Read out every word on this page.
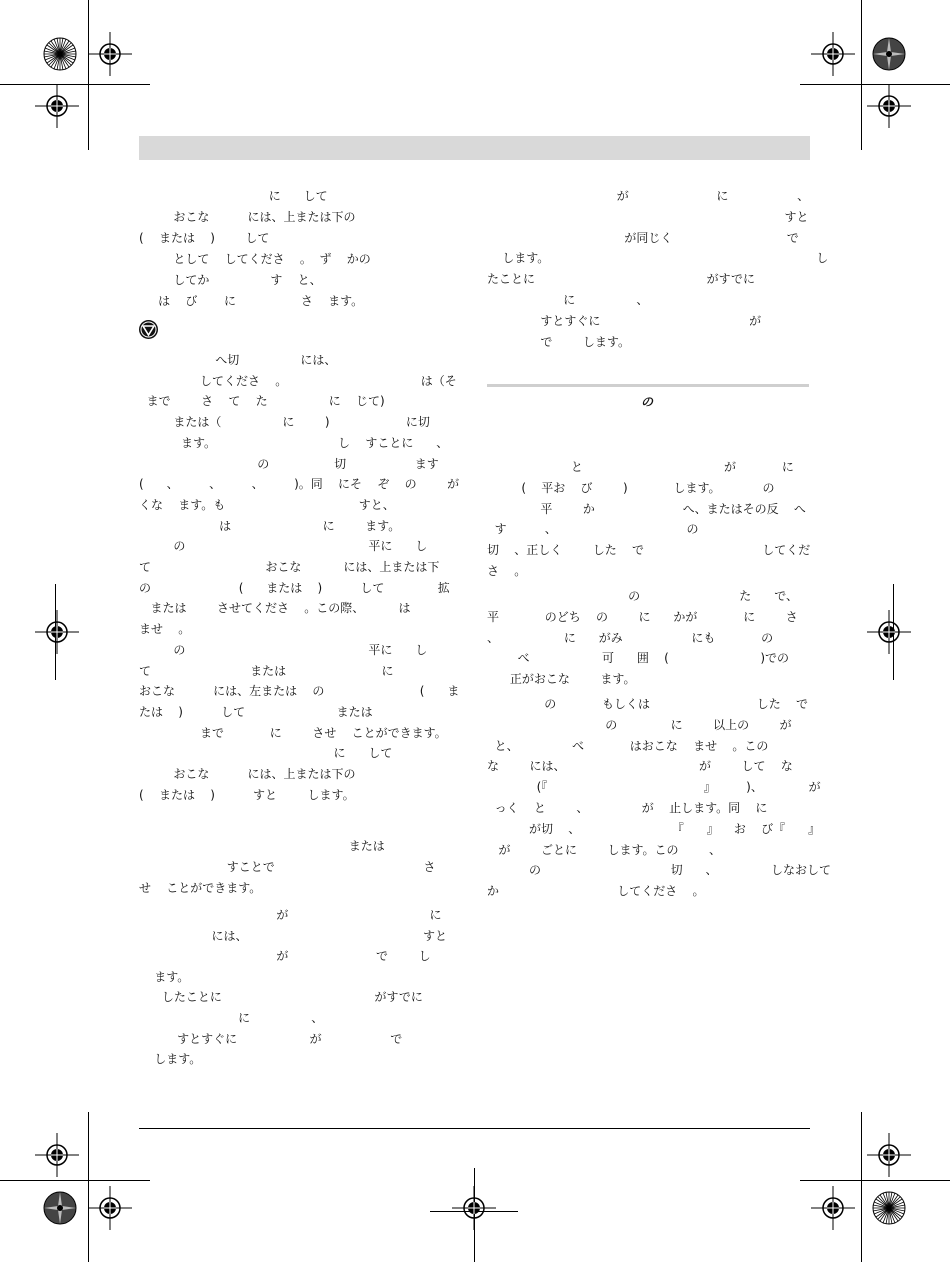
に      して
おこな          には、上または下の
(    または    )        して
として    してくださ    。  ず    かの
してか                す    と、
は    び       に                 さ    ます。
へ切                には、
してくださ    。                                   は（そ
まで        さ    て    た                に    じて)
または（                に        )                    に切
ます。                                し    すことに      、
の                 切                  ます
(      、        、        、        )。同    にそ    ぞ    の        が
くな    ます。も                                   すと、
は                        に        ます。
の                                                平に      し
て                              おこな           には、上または下
の                       (      または    )          して              拡
または        させてくださ    。この際、         は
ませ    。
の                                                平に      し
て                          または                         に
おこな          には、左または    の                         (      ま
たは    )          して                        または
まで            に        させ    ことができます。
に      して
おこな          には、上または下の
(    または    )          すと        します。
または
すことで                                       さ
せ    ことができます。
が                                     に
には、                                              すと
が                       で        し
ます。
したことに                                        がすでに
に                、
すとすぐに                   が                  で
します。
が                       に                  、
すと
が同じく                              で
します。                                                                      し
たことに                                             がすでに
に                、
すとすぐに                                       が
で        します。
の
と                                     が            に
(    平お    び        )            します。           の
平        か                       へ、またはその反    へ
す          、                                  の
切    、正しく        した    で                               してくだ
さ    。
の                          た      で、
平            のどち    の        に      かが            に        さ
、                 に      がみ                  にも            の
べ                   可      囲    (                        )での
正がおこな        ます。
の            もしくは                            した    で
の              に        以上の        が
と、              べ            はおこな    ませ    。この
な        には、                                   が        して    な
(『                                         』        )、            が
っく    と        、              が    止します。同    に
が切    、                        『      』    お    び『      』
が        ごとに        します。この        、
の                                  切      、              しなおして
か                               してくださ    。
